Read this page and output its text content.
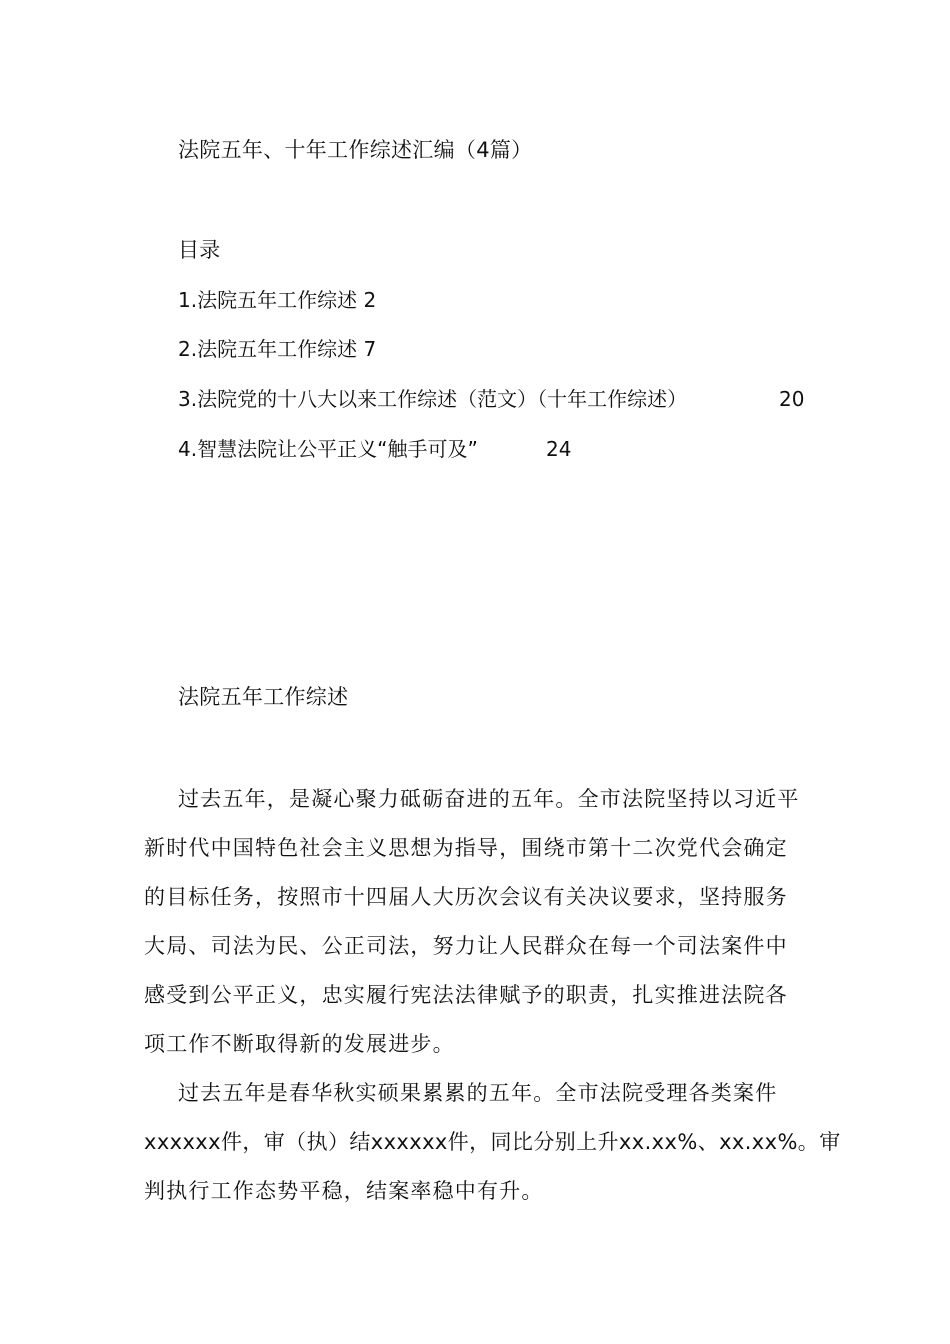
法院五年、十年工作综述汇编（4篇）
目录
1.法院五年工作综述 2
2.法院五年工作综述 7
3.法院党的十八大以来工作综述（范文）（十年工作综述）	20
4.智慧法院让公平正义“触手可及”	24
法院五年工作综述
过去五年，是凝心聚力砥砺奋进的五年。全市法院坚持以习近平
新时代中国特色社会主义思想为指导，围绕市第十二次党代会确定
的目标任务，按照市十四届人大历次会议有关决议要求，坚持服务
大局、司法为民、公正司法，努力让人民群众在每一个司法案件中
感受到公平正义，忠实履行宪法法律赋予的职责，扎实推进法院各
项工作不断取得新的发展进步。
过去五年是春华秋实硕果累累的五年。全市法院受理各类案件
xxxxxx件，审（执）结xxxxxx件，同比分别上升xx.xx%、xx.xx%。审
判执行工作态势平稳，结案率稳中有升。
